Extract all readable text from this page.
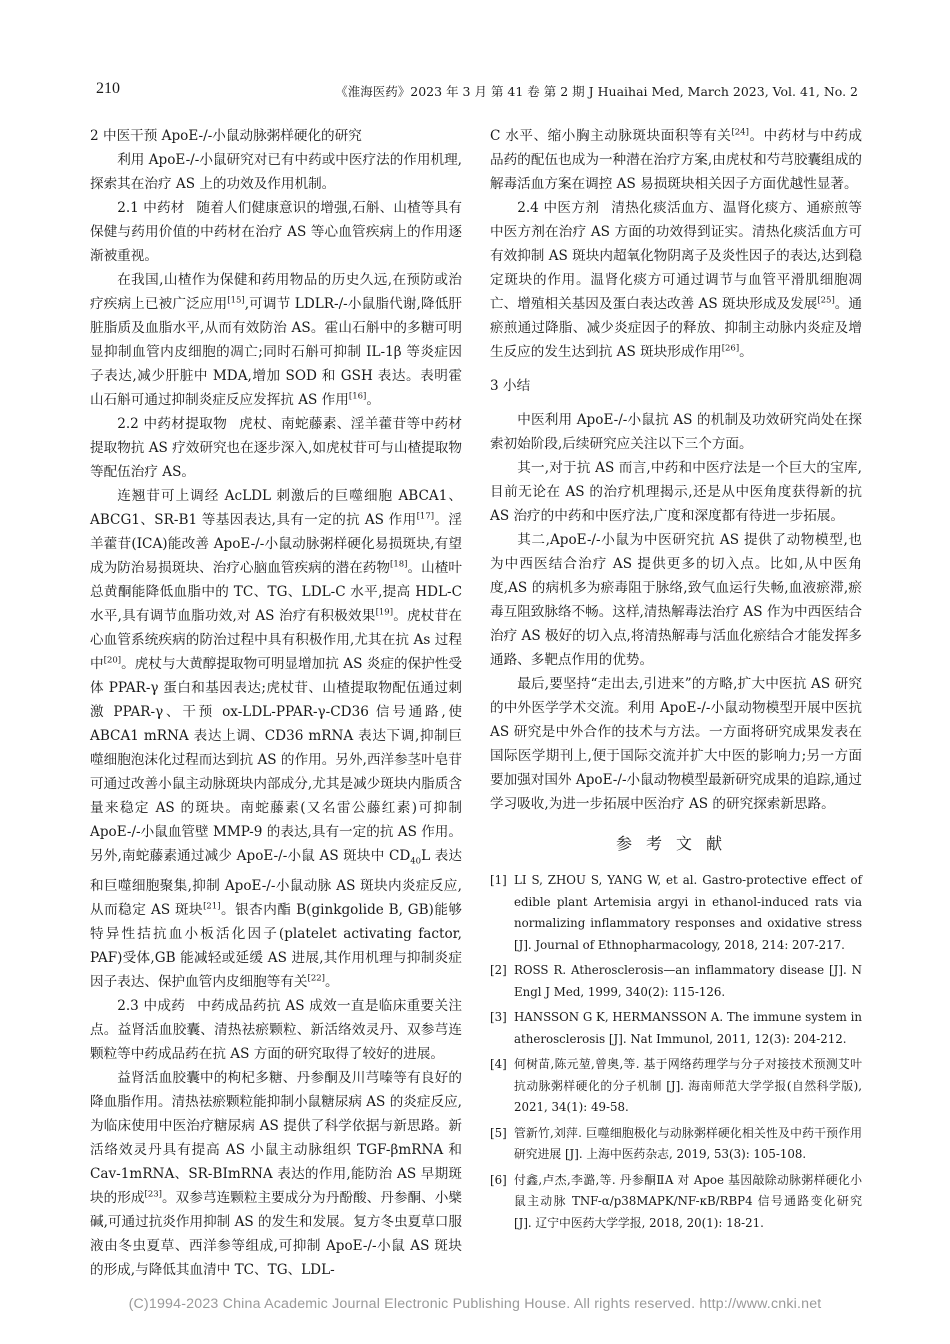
210	《淮海医药》2023 年 3 月 第 41 卷 第 2 期 J Huaihai Med, March 2023, Vol. 41, No. 2

2 中医干预 ApoE-/-小鼠动脉粥样硬化的研究

利用 ApoE-/-小鼠研究对已有中药或中医疗法的作用机理,探索其在治疗 AS 上的功效及作用机制。

2.1 中药材 随着人们健康意识的增强,石斛、山楂等具有保健与药用价值的中药材在治疗 AS 等心血管疾病上的作用逐渐被重视。

在我国,山楂作为保健和药用物品的历史久远,在预防或治疗疾病上已被广泛应用[15],可调节 LDLR-/-小鼠脂代谢,降低肝脏脂质及血脂水平,从而有效防治 AS。霍山石斛中的多糖可明显抑制血管内皮细胞的凋亡;同时石斛可抑制 IL-1β 等炎症因子表达,减少肝脏中 MDA,增加 SOD 和 GSH 表达。表明霍山石斛可通过抑制炎症反应发挥抗 AS 作用[16]。

2.2 中药材提取物 虎杖、南蛇藤素、淫羊藿苷等中药材提取物抗 AS 疗效研究也在逐步深入,如虎杖苷可与山楂提取物等配伍治疗 AS。

连翘苷可上调经 AcLDL 刺激后的巨噬细胞 ABCA1、ABCG1、SR-B1 等基因表达,具有一定的抗 AS 作用[17]。淫羊藿苷(ICA)能改善 ApoE-/-小鼠动脉粥样硬化易损斑块,有望成为防治易损斑块、治疗心脑血管疾病的潜在药物[18]。山楂叶总黄酮能降低血脂中的 TC、TG、LDL-C 水平,提高 HDL-C 水平,具有调节血脂功效,对 AS 治疗有积极效果[19]。虎杖苷在心血管系统疾病的防治过程中具有积极作用,尤其在抗 As 过程中[20]。虎杖与大黄醇提取物可明显增加抗 AS 炎症的保护性受体 PPAR-γ 蛋白和基因表达;虎杖苷、山楂提取物配伍通过刺激 PPAR-γ、干预 ox-LDL-PPAR-γ-CD36 信号通路,使 ABCA1 mRNA 表达上调、CD36 mRNA 表达下调,抑制巨噬细胞泡沫化过程而达到抗 AS 的作用。另外,西洋参茎叶皂苷可通过改善小鼠主动脉斑块内部成分,尤其是减少斑块内脂质含量来稳定 AS 的斑块。南蛇藤素(又名雷公藤红素)可抑制 ApoE-/-小鼠血管壁 MMP-9 的表达,具有一定的抗 AS 作用。另外,南蛇藤素通过减少 ApoE-/-小鼠 AS 斑块中 $CD_{40}L$ 表达和巨噬细胞聚集,抑制 ApoE-/-小鼠动脉 AS 斑块内炎症反应,从而稳定 AS 斑块[21]。银杏内酯 B(ginkgolide B, GB)能够特异性拮抗血小板活化因子(platelet activating factor, PAF)受体,GB 能减轻或延缓 AS 进展,其作用机理与抑制炎症因子表达、保护血管内皮细胞等有关[22]。

2.3 中成药 中药成品药抗 AS 成效一直是临床重要关注点。益肾活血胶囊、清热祛瘀颗粒、新活络效灵丹、双参芎连颗粒等中药成品药在抗 AS 方面的研究取得了较好的进展。

益肾活血胶囊中的枸杞多糖、丹参酮及川芎嗪等有良好的降血脂作用。清热祛瘀颗粒能抑制小鼠糖尿病 AS 的炎症反应,为临床使用中医治疗糖尿病 AS 提供了科学依据与新思路。新活络效灵丹具有提高 AS 小鼠主动脉组织 TGF-βmRNA 和 Cav-1mRNA、SR-BImRNA 表达的作用,能防治 AS 早期斑块的形成[23]。双参芎连颗粒主要成分为丹酚酸、丹参酮、小檗碱,可通过抗炎作用抑制 AS 的发生和发展。复方冬虫夏草口服液由冬虫夏草、西洋参等组成,可抑制 ApoE-/-小鼠 AS 斑块的形成,与降低其血清中 TC、TG、LDL-

C 水平、缩小胸主动脉斑块面积等有关[24]。中药材与中药成品药的配伍也成为一种潜在治疗方案,由虎杖和芍芎胶囊组成的解毒活血方案在调控 AS 易损斑块相关因子方面优越性显著。

2.4 中医方剂 清热化痰活血方、温肾化痰方、通瘀煎等中医方剂在治疗 AS 方面的功效得到证实。清热化痰活血方可有效抑制 AS 斑块内超氧化物阴离子及炎性因子的表达,达到稳定斑块的作用。温肾化痰方可通过调节与血管平滑肌细胞凋亡、增殖相关基因及蛋白表达改善 AS 斑块形成及发展[25]。通瘀煎通过降脂、减少炎症因子的释放、抑制主动脉内炎症及增生反应的发生达到抗 AS 斑块形成作用[26]。

3 小结

中医利用 ApoE-/-小鼠抗 AS 的机制及功效研究尚处在探索初始阶段,后续研究应关注以下三个方面。

其一,对于抗 AS 而言,中药和中医疗法是一个巨大的宝库,目前无论在 AS 的治疗机理揭示,还是从中医角度获得新的抗 AS 治疗的中药和中医疗法,广度和深度都有待进一步拓展。

其二,ApoE-/-小鼠为中医研究抗 AS 提供了动物模型,也为中西医结合治疗 AS 提供更多的切入点。比如,从中医角度,AS 的病机多为瘀毒阻于脉络,致气血运行失畅,血液瘀滞,瘀毒互阻致脉络不畅。这样,清热解毒法治疗 AS 作为中西医结合治疗 AS 极好的切入点,将清热解毒与活血化瘀结合才能发挥多通路、多靶点作用的优势。

最后,要坚持“走出去,引进来”的方略,扩大中医抗 AS 研究的中外医学学术交流。利用 ApoE-/-小鼠动物模型开展中医抗 AS 研究是中外合作的技术与方法。一方面将研究成果发表在国际医学期刊上,便于国际交流并扩大中医的影响力;另一方面要加强对国外 ApoE-/-小鼠动物模型最新研究成果的追踪,通过学习吸收,为进一步拓展中医治疗 AS 的研究探索新思路。

参考文献
[1] LI S, ZHOU S, YANG W, et al. Gastro-protective effect of edible plant Artemisia argyi in ethanol-induced rats via normalizing inflammatory responses and oxidative stress [J]. Journal of Ethnopharmacology, 2018, 214: 207-217.
[2] ROSS R. Atherosclerosis—an inflammatory disease [J]. N Engl J Med, 1999, 340(2): 115-126.
[3] HANSSON G K, HERMANSSON A. The immune system in atherosclerosis [J]. Nat Immunol, 2011, 12(3): 204-212.
[4] 何树苗,陈元堃,曾奥,等. 基于网络药理学与分子对接技术预测艾叶抗动脉粥样硬化的分子机制 [J]. 海南师范大学学报(自然科学版), 2021, 34(1): 49-58.
[5] 管新竹,刘萍. 巨噬细胞极化与动脉粥样硬化相关性及中药干预作用研究进展 [J]. 上海中医药杂志, 2019, 53(3): 105-108.
[6] 付鑫,卢杰,李潞,等. 丹参酮ⅡA 对 Apoe 基因敲除动脉粥样硬化小鼠主动脉 TNF-α/p38MAPK/NF-κB/RBP4 信号通路变化研究 [J]. 辽宁中医药大学学报, 2018, 20(1): 18-21.
(C)1994-2023 China Academic Journal Electronic Publishing House. All rights reserved. http://www.cnki.net
